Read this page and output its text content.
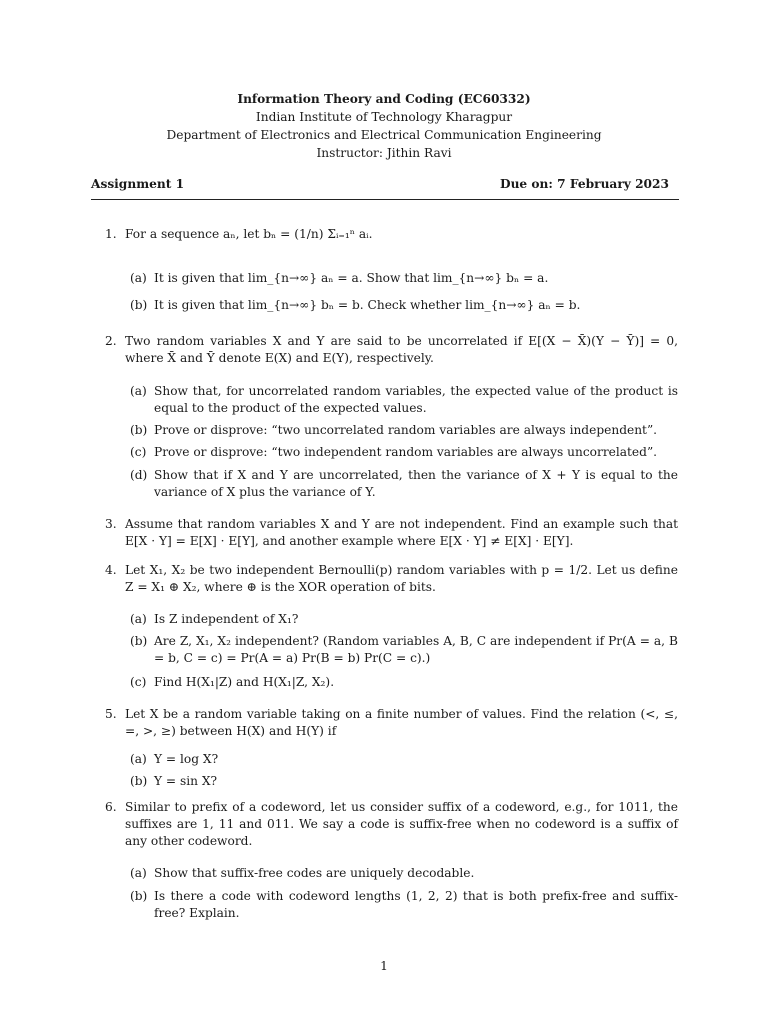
Information Theory and Coding (EC60332)
Indian Institute of Technology Kharagpur
Department of Electronics and Electrical Communication Engineering
Instructor: Jithin Ravi
Assignment 1	Due on: 7 February 2023
1. For a sequence aₙ, let bₙ = (1/n) Σᵢ₌₁ⁿ aᵢ.
(a) It is given that lim_{n→∞} aₙ = a. Show that lim_{n→∞} bₙ = a.
(b) It is given that lim_{n→∞} bₙ = b. Check whether lim_{n→∞} aₙ = b.
2. Two random variables X and Y are said to be uncorrelated if E[(X − X̄)(Y − Ȳ)] = 0, where X̄ and Ȳ denote E(X) and E(Y), respectively.
(a) Show that, for uncorrelated random variables, the expected value of the product is equal to the product of the expected values.
(b) Prove or disprove: “two uncorrelated random variables are always independent”.
(c) Prove or disprove: “two independent random variables are always uncorrelated”.
(d) Show that if X and Y are uncorrelated, then the variance of X + Y is equal to the variance of X plus the variance of Y.
3. Assume that random variables X and Y are not independent. Find an example such that E[X · Y] = E[X] · E[Y], and another example where E[X · Y] ≠ E[X] · E[Y].
4. Let X₁, X₂ be two independent Bernoulli(p) random variables with p = 1/2. Let us define Z = X₁ ⊕ X₂, where ⊕ is the XOR operation of bits.
(a) Is Z independent of X₁?
(b) Are Z, X₁, X₂ independent? (Random variables A, B, C are independent if Pr(A = a, B = b, C = c) = Pr(A = a) Pr(B = b) Pr(C = c).)
(c) Find H(X₁|Z) and H(X₁|Z, X₂).
5. Let X be a random variable taking on a finite number of values. Find the relation (<, ≤, =, >, ≥) between H(X) and H(Y) if
(a) Y = log X?
(b) Y = sin X?
6. Similar to prefix of a codeword, let us consider suffix of a codeword, e.g., for 1011, the suffixes are 1, 11 and 011. We say a code is suffix-free when no codeword is a suffix of any other codeword.
(a) Show that suffix-free codes are uniquely decodable.
(b) Is there a code with codeword lengths (1, 2, 2) that is both prefix-free and suffix-free? Explain.
1
